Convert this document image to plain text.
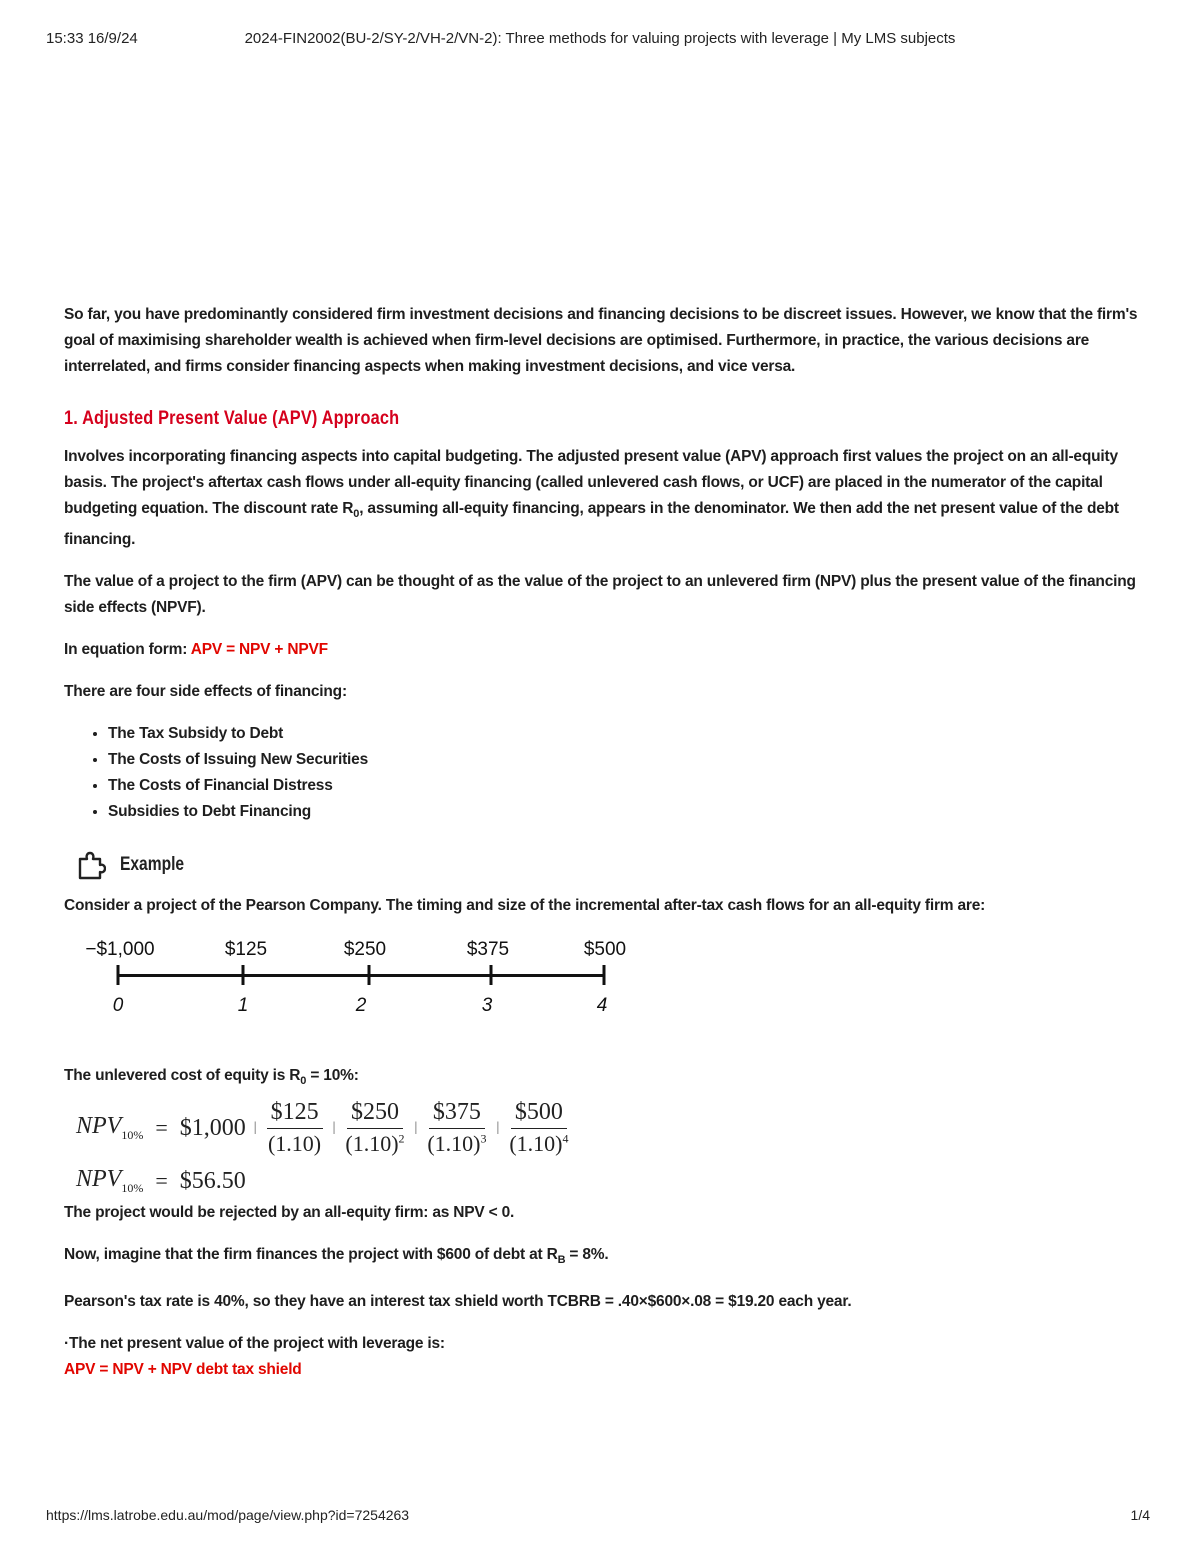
15:33 16/9/24	2024-FIN2002(BU-2/SY-2/VH-2/VN-2): Three methods for valuing projects with leverage | My LMS subjects

So far, you have predominantly considered firm investment decisions and financing decisions to be discreet issues. However, we know that the firm's goal of maximising shareholder wealth is achieved when firm-level decisions are optimised. Furthermore, in practice, the various decisions are interrelated, and firms consider financing aspects when making investment decisions, and vice versa.

1. Adjusted Present Value (APV) Approach

Involves incorporating financing aspects into capital budgeting. The adjusted present value (APV) approach first values the project on an all-equity basis. The project's aftertax cash flows under all-equity financing (called unlevered cash flows, or UCF) are placed in the numerator of the capital budgeting equation. The discount rate $R_0$, assuming all-equity financing, appears in the denominator. We then add the net present value of the debt financing.

The value of a project to the firm (APV) can be thought of as the value of the project to an unlevered firm (NPV) plus the present value of the financing side effects (NPVF).

In equation form: APV = NPV + NPVF

There are four side effects of financing:

• The Tax Subsidy to Debt
• The Costs of Issuing New Securities
• The Costs of Financial Distress
• Subsidies to Debt Financing
Example

Consider a project of the Pearson Company. The timing and size of the incremental after-tax cash flows for an all-equity firm are:

−$1,000	$125	$250	$375	$500
0	1	2	3	4

The unlevered cost of equity is $R_0 = 10\%$:

$NPV_{10\%}$ = $1,000 | $\frac{\$125}{(1.10)}$ | $\frac{\$250}{(1.10)^2}$ | $\frac{\$375}{(1.10)^3}$ | $\frac{\$500}{(1.10)^4}$
$NPV_{10\%}$ = $56.50

The project would be rejected by an all-equity firm: as NPV < 0.

Now, imagine that the firm finances the project with $600 of debt at $R_B = 8\%$.

Pearson's tax rate is 40%, so they have an interest tax shield worth TCBRB = .40×$600×.08 = $19.20 each year.

·The net present value of the project with leverage is:

APV = NPV + NPV debt tax shield

https://lms.latrobe.edu.au/mod/page/view.php?id=7254263	1/4
